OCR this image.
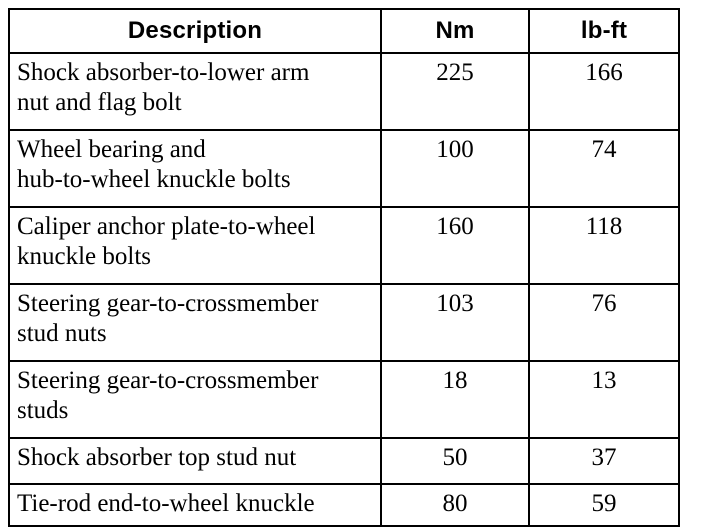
Description	Nm	lb-ft

Shock absorber-to-lower arm
nut and flag bolt	225	166

Wheel bearing and
hub-to-wheel knuckle bolts	100	74

Caliper anchor plate-to-wheel
knuckle bolts	160	118

Steering gear-to-crossmember
stud nuts	103	76

Steering gear-to-crossmember
studs	18	13

Shock absorber top stud nut	50	37

Tie-rod end-to-wheel knuckle	80	59
